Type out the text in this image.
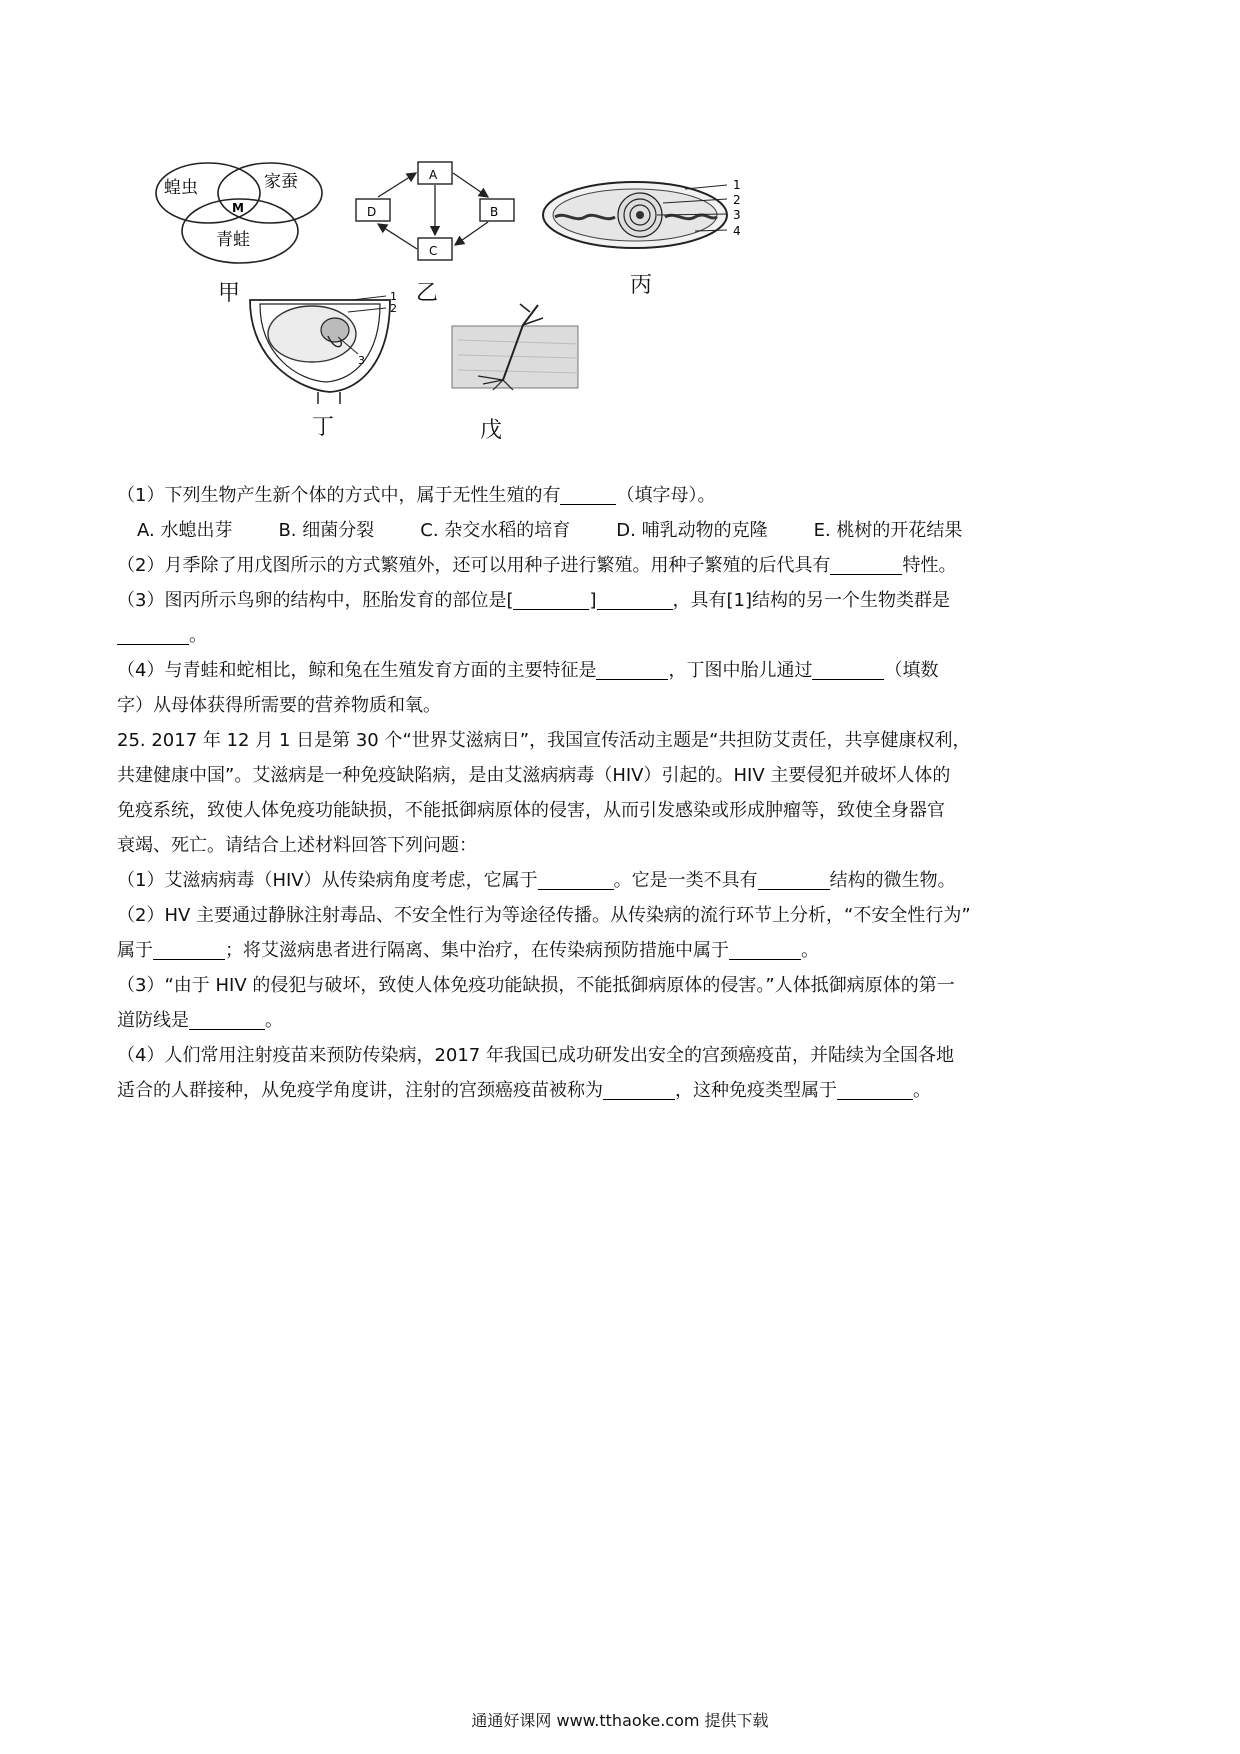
蝗虫	家蚕
青蛙
M
甲
A
B
C
D
乙
1
2
3
4
丙
1
2
3
丁	戊
（1）下列生物产生新个体的方式中，属于无性生殖的有	（填字母）。
A. 水螅出芽	B. 细菌分裂	C. 杂交水稻的培育	D. 哺乳动物的克隆	E. 桃树的开花结果
（2）月季除了用戊图所示的方式繁殖外，还可以用种子进行繁殖。用种子繁殖的后代具有	特性。
（3）图丙所示鸟卵的结构中，胚胎发育的部位是[	]	，具有[1]结构的另一个生物类群是
。
（4）与青蛙和蛇相比，鲸和兔在生殖发育方面的主要特征是	，丁图中胎儿通过	（填数
字）从母体获得所需要的营养物质和氧。
25. 2017 年 12 月 1 日是第 30 个“世界艾滋病日”，我国宣传活动主题是“共担防艾责任，共享健康权利，
共建健康中国”。艾滋病是一种免疫缺陷病，是由艾滋病病毒（HIV）引起的。HIV 主要侵犯并破坏人体的
免疫系统，致使人体免疫功能缺损，不能抵御病原体的侵害，从而引发感染或形成肿瘤等，致使全身器官
衰竭、死亡。请结合上述材料回答下列问题：
（1）艾滋病病毒（HIV）从传染病角度考虑，它属于	。它是一类不具有	结构的微生物。
（2）HV 主要通过静脉注射毒品、不安全性行为等途径传播。从传染病的流行环节上分析，“不安全性行为”
属于	；将艾滋病患者进行隔离、集中治疗，在传染病预防措施中属于	。
（3）“由于 HIV 的侵犯与破坏，致使人体免疫功能缺损，不能抵御病原体的侵害。”人体抵御病原体的第一
道防线是	。
（4）人们常用注射疫苗来预防传染病，2017 年我国已成功研发出安全的宫颈癌疫苗，并陆续为全国各地
适合的人群接种，从免疫学角度讲，注射的宫颈癌疫苗被称为	，这种免疫类型属于	。
通通好课网 www.tthaoke.com 提供下载
